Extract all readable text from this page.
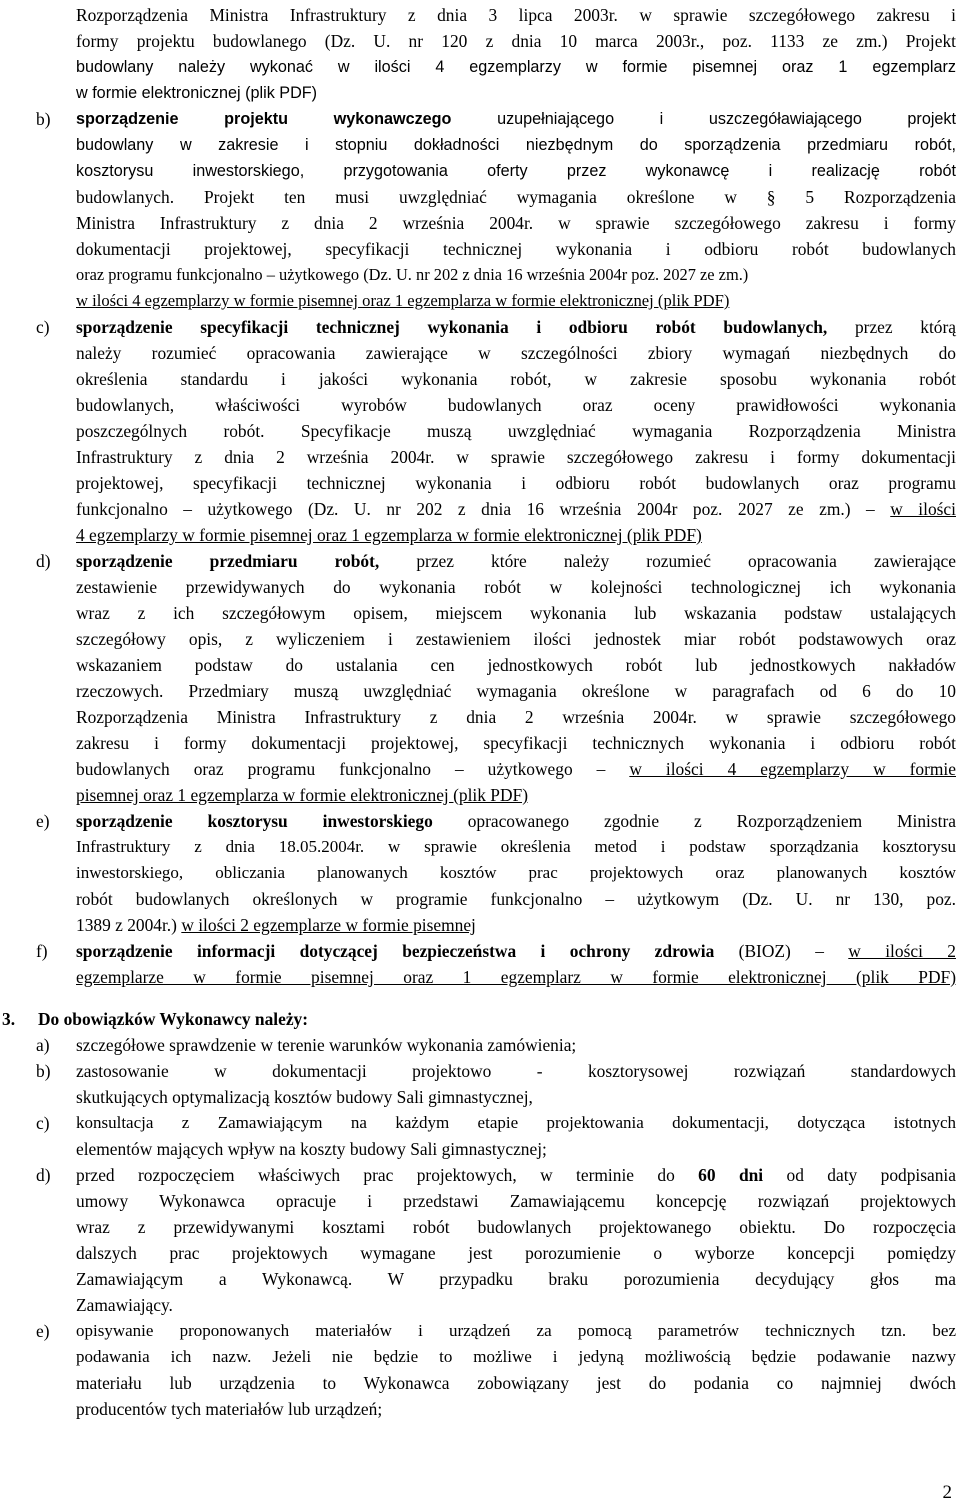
Rozporządzenia Ministra Infrastruktury z dnia 3 lipca 2003r. w sprawie szczegółowego zakresu i
formy projektu budowlanego (Dz. U. nr 120 z dnia 10 marca 2003r., poz. 1133 ze zm.) Projekt
budowlany należy wykonać w ilości 4 egzemplarzy w formie pisemnej oraz 1 egzemplarz
w formie elektronicznej (plik PDF)
b) sporządzenie projektu wykonawczego	uzupełniającego i uszczegóławiającego projekt
budowlany w zakresie i stopniu dokładności niezbędnym do sporządzenia przedmiaru robót,
kosztorysu inwestorskiego, przygotowania oferty przez wykonawcę i realizację robót
budowlanych. Projekt ten musi uwzględniać wymagania określone w § 5 Rozporządzenia
Ministra Infrastruktury z dnia 2 września 2004r. w sprawie szczegółowego zakresu i formy
dokumentacji projektowej, specyfikacji technicznej wykonania i odbioru robót budowlanych
oraz programu funkcjonalno – użytkowego (Dz. U. nr 202 z dnia 16 września 2004r poz. 2027 ze zm.)
w ilości 4 egzemplarzy w formie pisemnej oraz 1 egzemplarza w formie elektronicznej (plik PDF)
c) sporządzenie specyfikacji technicznej wykonania i odbioru robót budowlanych, przez którą
należy rozumieć opracowania zawierające w szczególności zbiory wymagań niezbędnych do
określenia standardu i jakości wykonania robót, w zakresie sposobu wykonania robót
budowlanych, właściwości wyrobów budowlanych oraz oceny prawidłowości wykonania
poszczególnych robót. Specyfikacje muszą uwzględniać wymagania Rozporządzenia Ministra
Infrastruktury z dnia 2 września 2004r. w sprawie szczegółowego zakresu i formy dokumentacji
projektowej, specyfikacji technicznej wykonania i odbioru robót budowlanych oraz programu
funkcjonalno – użytkowego (Dz. U. nr 202 z dnia 16 września 2004r poz. 2027 ze zm.) – w ilości
4 egzemplarzy w formie pisemnej oraz 1 egzemplarza w formie elektronicznej (plik PDF)
d) sporządzenie przedmiaru robót, przez które należy rozumieć opracowania zawierające
zestawienie przewidywanych do wykonania robót w kolejności technologicznej ich wykonania
wraz z ich szczegółowym opisem, miejscem wykonania lub wskazania podstaw ustalających
szczegółowy opis, z wyliczeniem i zestawieniem ilości jednostek miar robót podstawowych oraz
wskazaniem podstaw do ustalania cen jednostkowych robót lub jednostkowych nakładów
rzeczowych. Przedmiary muszą uwzględniać wymagania określone w paragrafach od 6 do 10
Rozporządzenia Ministra Infrastruktury z dnia 2 września 2004r. w sprawie szczegółowego
zakresu i formy dokumentacji projektowej, specyfikacji technicznych wykonania i odbioru robót
budowlanych oraz programu funkcjonalno – użytkowego – w ilości 4 egzemplarzy w formie
pisemnej oraz 1 egzemplarza w formie elektronicznej (plik PDF)
e) sporządzenie kosztorysu inwestorskiego opracowanego zgodnie z Rozporządzeniem Ministra
Infrastruktury z dnia 18.05.2004r. w sprawie określenia metod i podstaw sporządzania kosztorysu
inwestorskiego, obliczania planowanych kosztów prac projektowych oraz planowanych kosztów
robót budowlanych określonych w programie funkcjonalno – użytkowym (Dz. U. nr 130, poz.
1389 z 2004r.) w ilości 2 egzemplarze w formie pisemnej
f) sporządzenie informacji dotyczącej bezpieczeństwa i ochrony zdrowia (BIOZ) – w ilości 2
egzemplarze w formie pisemnej oraz 1 egzemplarz w formie elektronicznej (plik PDF)
3. Do obowiązków Wykonawcy należy:
a) szczegółowe sprawdzenie w terenie warunków wykonania zamówienia;
b) zastosowanie w dokumentacji projektowo - kosztorysowej rozwiązań standardowych
skutkujących optymalizacją kosztów budowy Sali gimnastycznej,
c) konsultacja z Zamawiającym na każdym etapie projektowania dokumentacji, dotycząca istotnych
elementów mających wpływ na koszty budowy Sali gimnastycznej;
d) przed rozpoczęciem właściwych prac projektowych, w terminie do 60 dni od daty podpisania
umowy Wykonawca opracuje i przedstawi Zamawiającemu koncepcję rozwiązań projektowych
wraz z przewidywanymi kosztami robót budowlanych projektowanego obiektu. Do rozpoczęcia
dalszych prac projektowych wymagane jest porozumienie o wyborze koncepcji pomiędzy
Zamawiającym a Wykonawcą. W przypadku braku porozumienia decydujący głos ma
Zamawiający.
e) opisywanie proponowanych materiałów i urządzeń za pomocą parametrów technicznych tzn. bez
podawania ich nazw. Jeżeli nie będzie to możliwe i jedyną możliwością będzie podawanie nazwy
materiału lub urządzenia to Wykonawca zobowiązany jest do podania co najmniej dwóch
producentów tych materiałów lub urządzeń;
2
